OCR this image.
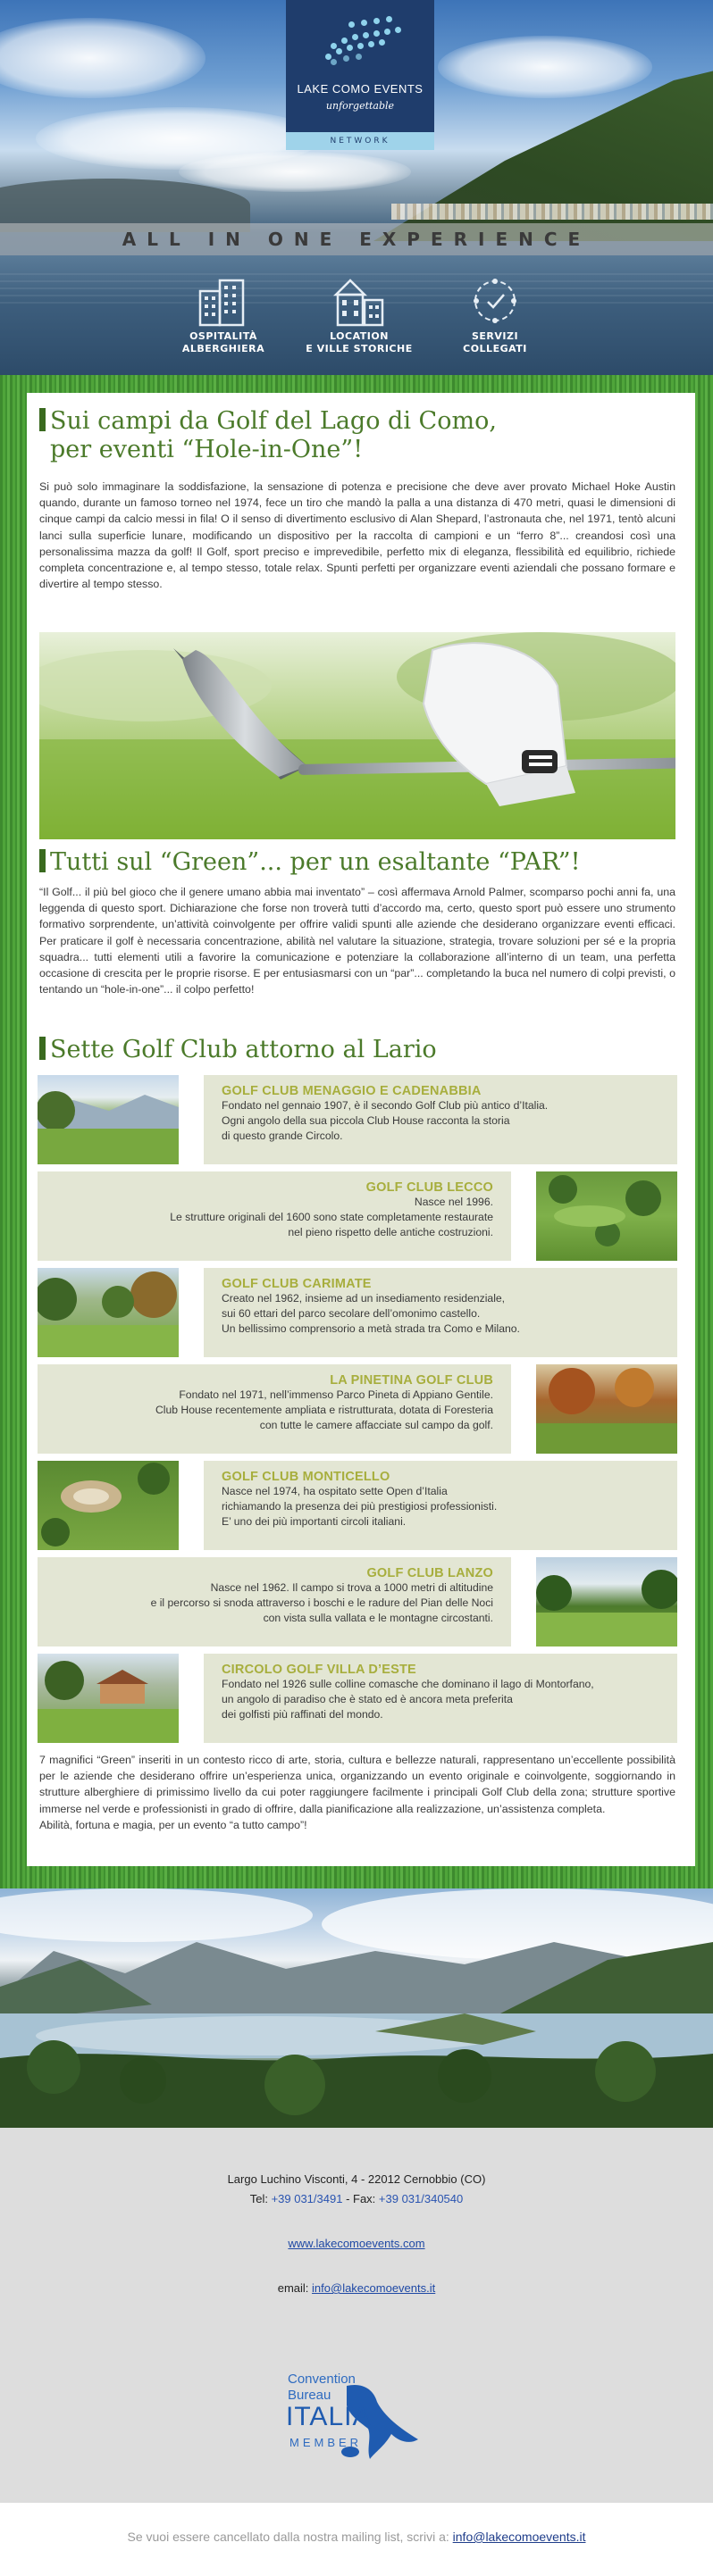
ALL IN ONE EXPERIENCE
LAKE COMO EVENTS
unforgettable
NETWORK
OSPITALITÀ
ALBERGHIERA
LOCATION
E VILLE STORICHE
SERVIZI
COLLEGATI
Sui campi da Golf del Lago di Como,
per eventi “Hole-in-One”!
Si può solo immaginare la soddisfazione, la sensazione di potenza e precisione che deve aver provato Michael Hoke Austin quando, durante un famoso torneo nel 1974, fece un tiro che mandò la palla a una distanza di 470 metri, quasi le dimensioni di cinque campi da calcio messi in fila! O il senso di divertimento esclusivo di Alan Shepard, l’astronauta che, nel 1971, tentò alcuni lanci sulla superficie lunare, modificando un dispositivo per la raccolta di campioni e un “ferro 8”... creandosi così una personalissima mazza da golf! Il Golf, sport preciso e imprevedibile, perfetto mix di eleganza, flessibilità ed equilibrio, richiede completa concentrazione e, al tempo stesso, totale relax. Spunti perfetti per organizzare eventi aziendali che possano formare e divertire al tempo stesso.
Tutti sul “Green”... per un esaltante “PAR”!
“Il Golf... il più bel gioco che il genere umano abbia mai inventato” – così affermava Arnold Palmer, scomparso pochi anni fa, una leggenda di questo sport. Dichiarazione che forse non troverà tutti d’accordo ma, certo, questo sport può essere uno strumento formativo sorprendente, un’attività coinvolgente per offrire validi spunti alle aziende che desiderano organizzare eventi efficaci. Per praticare il golf è necessaria concentrazione, abilità nel valutare la situazione, strategia, trovare soluzioni per sé e la propria squadra... tutti elementi utili a favorire la comunicazione e potenziare la collaborazione all’interno di un team, una perfetta occasione di crescita per le proprie risorse. E per entusiasmarsi con un “par”... completando la buca nel numero di colpi previsti, o tentando un “hole-in-one”... il colpo perfetto!
Sette Golf Club attorno al Lario
GOLF CLUB MENAGGIO E CADENABBIA
Fondato nel gennaio 1907, è il secondo Golf Club più antico d’Italia.
Ogni angolo della sua piccola Club House racconta la storia
di questo grande Circolo.
GOLF CLUB LECCO
Nasce nel 1996.
Le strutture originali del 1600 sono state completamente restaurate
nel pieno rispetto delle antiche costruzioni.
GOLF CLUB CARIMATE
Creato nel 1962, insieme ad un insediamento residenziale,
sui 60 ettari del parco secolare dell’omonimo castello.
Un bellissimo comprensorio a metà strada tra Como e Milano.
LA PINETINA GOLF CLUB
Fondato nel 1971, nell’immenso Parco Pineta di Appiano Gentile.
Club House recentemente ampliata e ristrutturata, dotata di Foresteria
con tutte le camere affacciate sul campo da golf.
GOLF CLUB MONTICELLO
Nasce nel 1974, ha ospitato sette Open d’Italia
richiamando la presenza dei più prestigiosi professionisti.
E’ uno dei più importanti circoli italiani.
GOLF CLUB LANZO
Nasce nel 1962. Il campo si trova a 1000 metri di altitudine
e il percorso si snoda attraverso i boschi e le radure del Pian delle Noci
con vista sulla vallata e le montagne circostanti.
CIRCOLO GOLF VILLA D’ESTE
Fondato nel 1926 sulle colline comasche che dominano il lago di Montorfano,
un angolo di paradiso che è stato ed è ancora meta preferita
dei golfisti più raffinati del mondo.
7 magnifici “Green” inseriti in un contesto ricco di arte, storia, cultura e bellezze naturali, rappresentano un’eccellente possibilità per le aziende che desiderano offrire un’esperienza unica, organizzando un evento originale e coinvolgente, soggiornando in strutture alberghiere di primissimo livello da cui poter raggiungere facilmente i principali Golf Club della zona; strutture sportive immerse nel verde e professionisti in grado di offrire, dalla pianificazione alla realizzazione, un’assistenza completa.
Abilità, fortuna e magia, per un evento “a tutto campo”!
Largo Luchino Visconti, 4 - 22012 Cernobbio (CO)
Tel: +39 031/3491 - Fax: +39 031/340540
www.lakecomoevents.com
email: info@lakecomoevents.it
Convention
Bureau
ITALIA
MEMBER
Se vuoi essere cancellato dalla nostra mailing list, scrivi a: info@lakecomoevents.it
